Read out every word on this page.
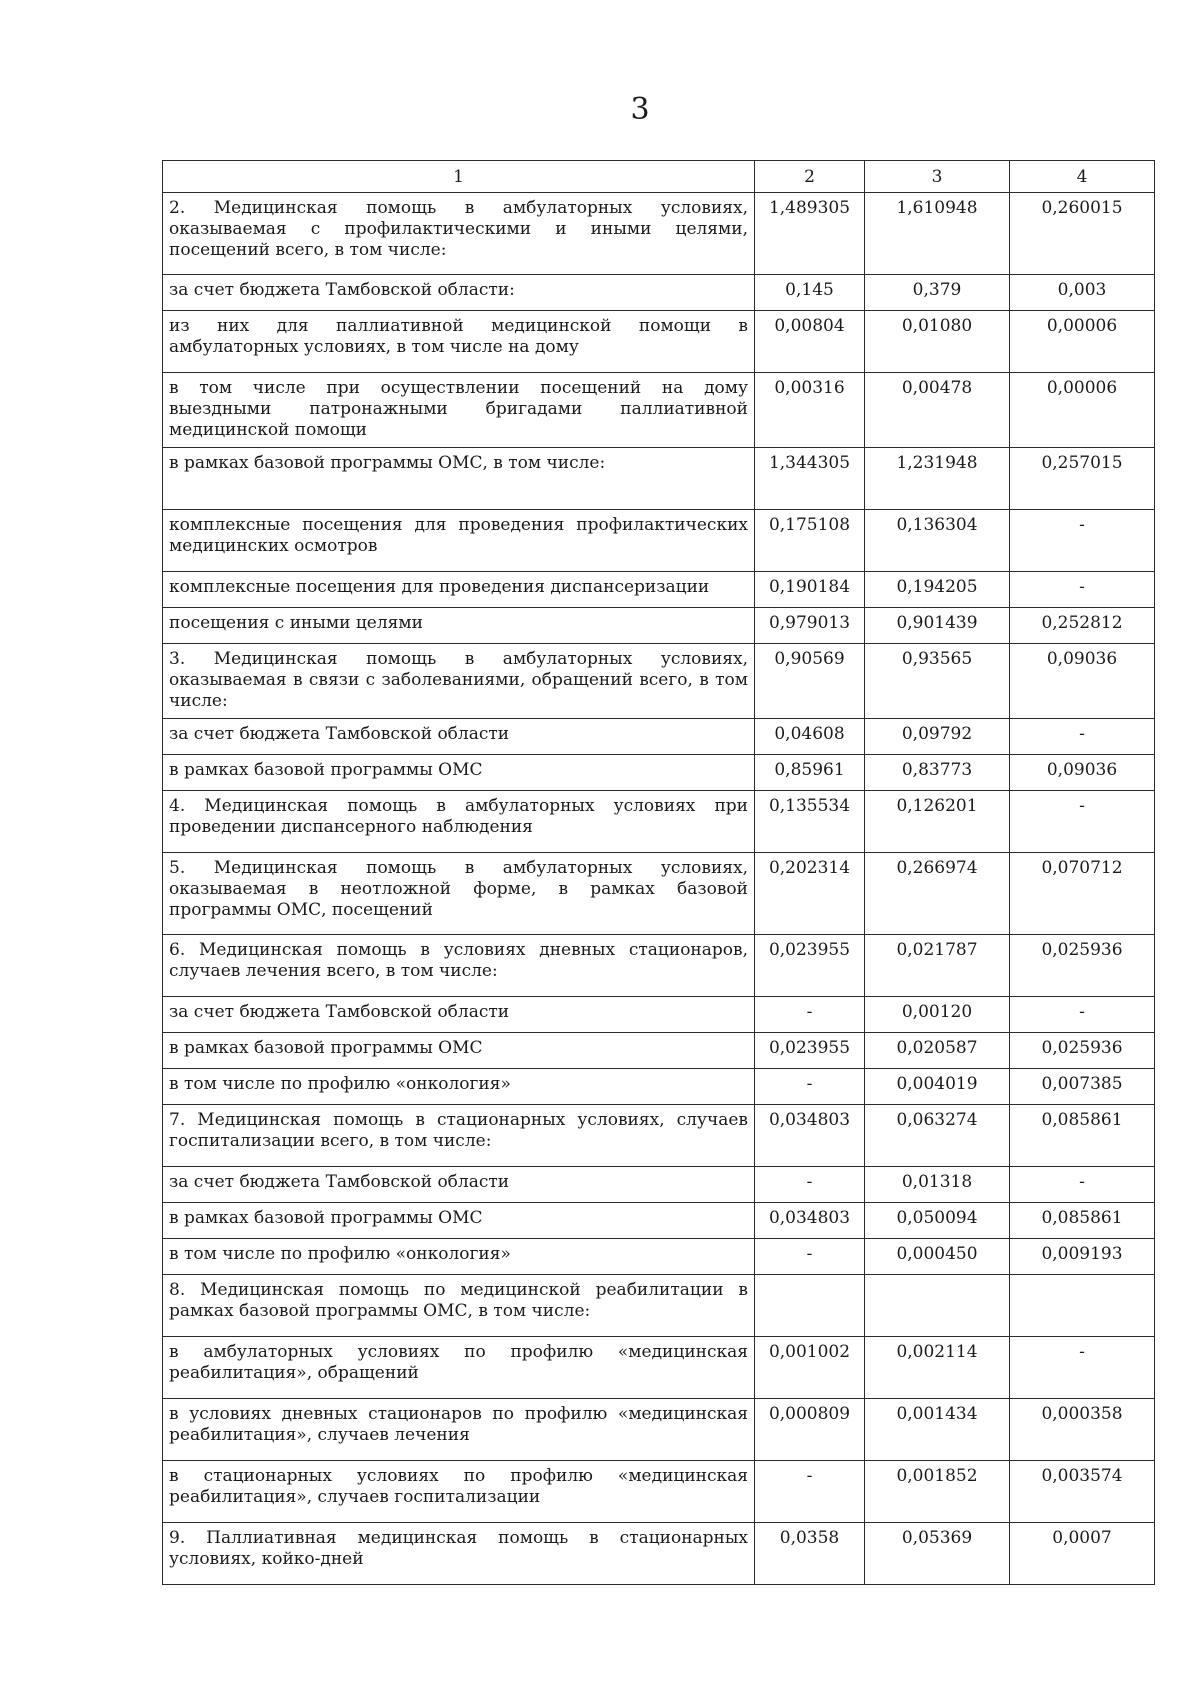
3
1	2	3	4
2. Медицинская помощь в амбулаторных условиях, оказываемая с профилактическими и иными целями, посещений всего, в том числе:	1,489305	1,610948	0,260015
за счет бюджета Тамбовской области:	0,145	0,379	0,003
из них для паллиативной медицинской помощи в амбулаторных условиях, в том числе на дому	0,00804	0,01080	0,00006
в том числе при осуществлении посещений на дому выездными патронажными бригадами паллиативной медицинской помощи	0,00316	0,00478	0,00006
в рамках базовой программы ОМС, в том числе:	1,344305	1,231948	0,257015
комплексные посещения для проведения профилактических медицинских осмотров	0,175108	0,136304	-
комплексные посещения для проведения диспансеризации	0,190184	0,194205	-
посещения с иными целями	0,979013	0,901439	0,252812
3. Медицинская помощь в амбулаторных условиях, оказываемая в связи с заболеваниями, обращений всего, в том числе:	0,90569	0,93565	0,09036
за счет бюджета Тамбовской области	0,04608	0,09792	-
в рамках базовой программы ОМС	0,85961	0,83773	0,09036
4. Медицинская помощь в амбулаторных условиях при проведении диспансерного наблюдения	0,135534	0,126201	-
5. Медицинская помощь в амбулаторных условиях, оказываемая в неотложной форме, в рамках базовой программы ОМС, посещений	0,202314	0,266974	0,070712
6. Медицинская помощь в условиях дневных стационаров, случаев лечения всего, в том числе:	0,023955	0,021787	0,025936
за счет бюджета Тамбовской области	-	0,00120	-
в рамках базовой программы ОМС	0,023955	0,020587	0,025936
в том числе по профилю «онкология»	-	0,004019	0,007385
7. Медицинская помощь в стационарных условиях, случаев госпитализации всего, в том числе:	0,034803	0,063274	0,085861
за счет бюджета Тамбовской области	-	0,01318	-
в рамках базовой программы ОМС	0,034803	0,050094	0,085861
в том числе по профилю «онкология»	-	0,000450	0,009193
8. Медицинская помощь по медицинской реабилитации в рамках базовой программы ОМС, в том числе:			
в амбулаторных условиях по профилю «медицинская реабилитация», обращений	0,001002	0,002114	-
в условиях дневных стационаров по профилю «медицинская реабилитация», случаев лечения	0,000809	0,001434	0,000358
в стационарных условиях по профилю «медицинская реабилитация», случаев госпитализации	-	0,001852	0,003574
9. Паллиативная медицинская помощь в стационарных условиях, койко-дней	0,0358	0,05369	0,0007
